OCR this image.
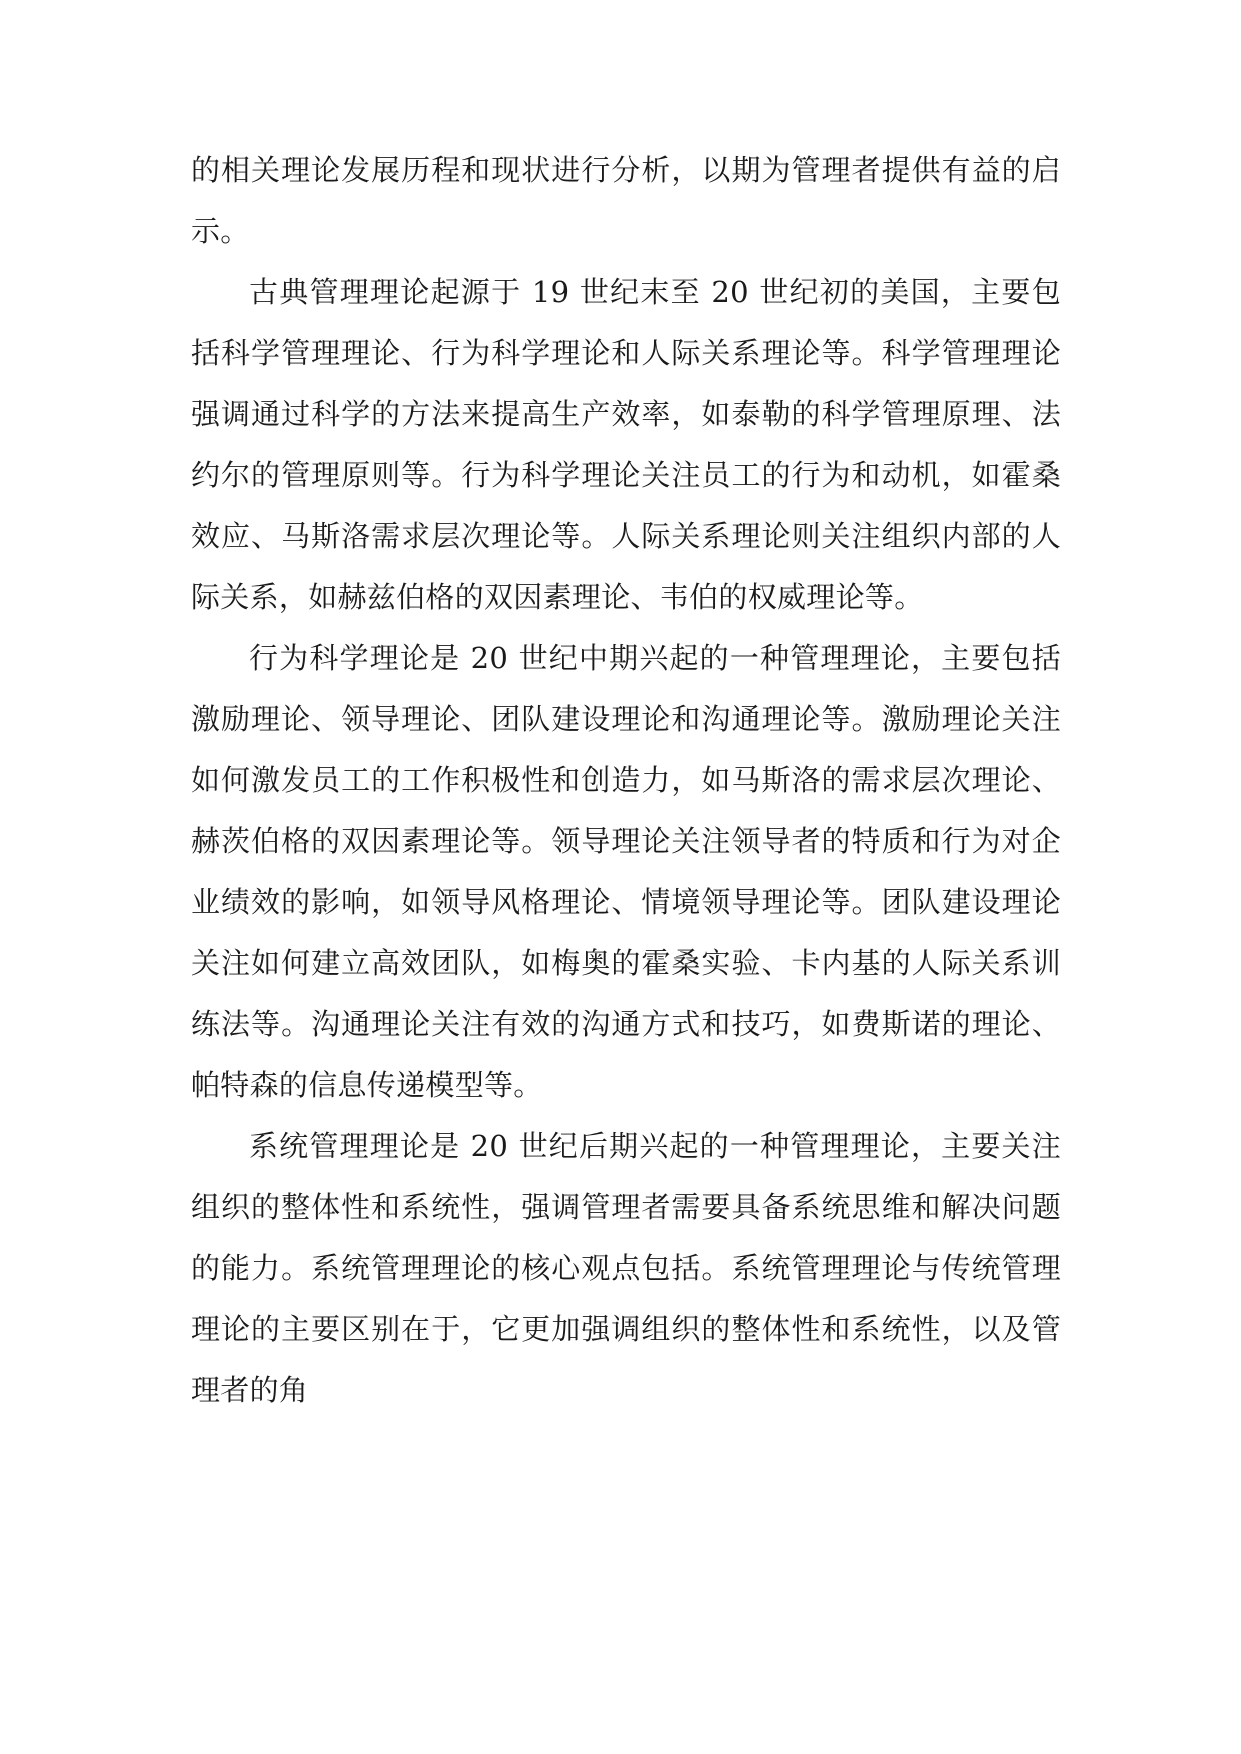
的相关理论发展历程和现状进行分析，以期为管理者提供有益的启示。

古典管理理论起源于 19 世纪末至 20 世纪初的美国，主要包括科学管理理论、行为科学理论和人际关系理论等。科学管理理论强调通过科学的方法来提高生产效率，如泰勒的科学管理原理、法约尔的管理原则等。行为科学理论关注员工的行为和动机，如霍桑效应、马斯洛需求层次理论等。人际关系理论则关注组织内部的人际关系，如赫兹伯格的双因素理论、韦伯的权威理论等。

行为科学理论是 20 世纪中期兴起的一种管理理论，主要包括激励理论、领导理论、团队建设理论和沟通理论等。激励理论关注如何激发员工的工作积极性和创造力，如马斯洛的需求层次理论、赫茨伯格的双因素理论等。领导理论关注领导者的特质和行为对企业绩效的影响，如领导风格理论、情境领导理论等。团队建设理论关注如何建立高效团队，如梅奥的霍桑实验、卡内基的人际关系训练法等。沟通理论关注有效的沟通方式和技巧，如费斯诺的理论、帕特森的信息传递模型等。

系统管理理论是 20 世纪后期兴起的一种管理理论，主要关注组织的整体性和系统性，强调管理者需要具备系统思维和解决问题的能力。系统管理理论的核心观点包括。系统管理理论与传统管理理论的主要区别在于，它更加强调组织的整体性和系统性，以及管理者的角
